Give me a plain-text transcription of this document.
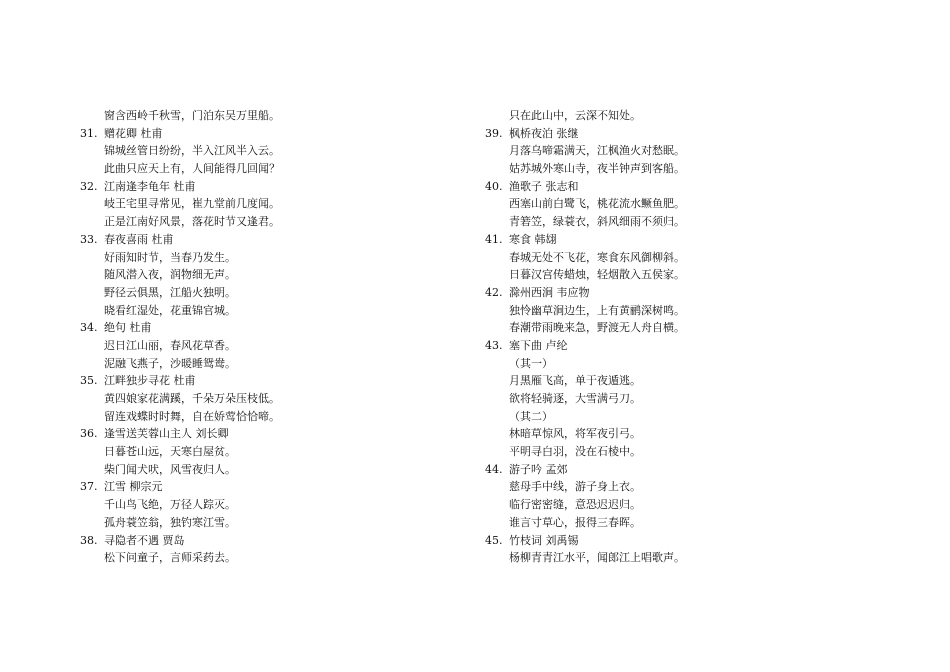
窗含西岭千秋雪，门泊东吴万里船。
31. 赠花卿 杜甫
锦城丝管日纷纷，半入江风半入云。
此曲只应天上有，人间能得几回闻？
32. 江南逢李龟年 杜甫
岐王宅里寻常见，崔九堂前几度闻。
正是江南好风景，落花时节又逢君。
33. 春夜喜雨 杜甫
好雨知时节，当春乃发生。
随风潜入夜，润物细无声。
野径云俱黑，江船火独明。
晓看红湿处，花重锦官城。
34. 绝句 杜甫
迟日江山丽，春风花草香。
泥融飞燕子，沙暖睡鸳鸯。
35. 江畔独步寻花 杜甫
黄四娘家花满蹊，千朵万朵压枝低。
留连戏蝶时时舞，自在娇莺恰恰啼。
36. 逢雪送芙蓉山主人 刘长卿
日暮苍山远，天寒白屋贫。
柴门闻犬吠，风雪夜归人。
37. 江雪 柳宗元
千山鸟飞绝，万径人踪灭。
孤舟蓑笠翁，独钓寒江雪。
38. 寻隐者不遇 贾岛
松下问童子，言师采药去。
只在此山中，云深不知处。
39. 枫桥夜泊 张继
月落乌啼霜满天，江枫渔火对愁眠。
姑苏城外寒山寺，夜半钟声到客船。
40. 渔歌子 张志和
西塞山前白鹭飞，桃花流水鳜鱼肥。
青箬笠，绿蓑衣，斜风细雨不须归。
41. 寒食 韩翃
春城无处不飞花，寒食东风御柳斜。
日暮汉宫传蜡烛，轻烟散入五侯家。
42. 滁州西涧 韦应物
独怜幽草涧边生，上有黄鹂深树鸣。
春潮带雨晚来急，野渡无人舟自横。
43. 塞下曲 卢纶
（其一）
月黑雁飞高，单于夜遁逃。
欲将轻骑逐，大雪满弓刀。
（其二）
林暗草惊风，将军夜引弓。
平明寻白羽，没在石棱中。
44. 游子吟 孟郊
慈母手中线，游子身上衣。
临行密密缝，意恐迟迟归。
谁言寸草心，报得三春晖。
45. 竹枝词 刘禹锡
杨柳青青江水平，闻郎江上唱歌声。
